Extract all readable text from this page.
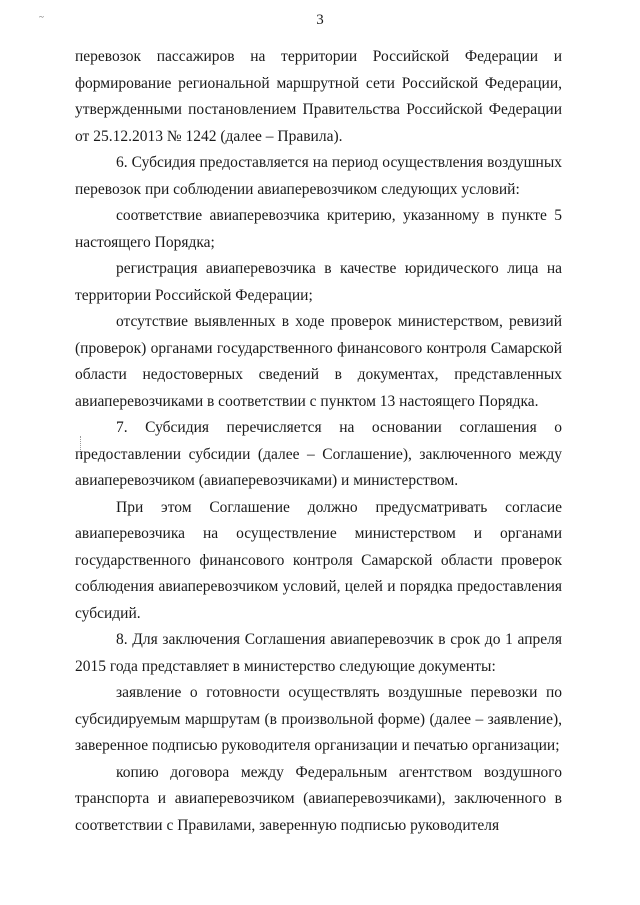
~	3

перевозок пассажиров на территории Российской Федерации и формирование региональной маршрутной сети Российской Федерации, утвержденными постановлением Правительства Российской Федерации от 25.12.2013 № 1242 (далее – Правила).

6. Субсидия предоставляется на период осуществления воздушных перевозок при соблюдении авиаперевозчиком следующих условий:

соответствие авиаперевозчика критерию, указанному в пункте 5 настоящего Порядка;

регистрация авиаперевозчика в качестве юридического лица на территории Российской Федерации;

отсутствие выявленных в ходе проверок министерством, ревизий (проверок) органами государственного финансового контроля Самарской области недостоверных сведений в документах, представленных авиаперевозчиками в соответствии с пунктом 13 настоящего Порядка.

7. Субсидия перечисляется на основании соглашения о предоставлении субсидии (далее – Соглашение), заключенного между авиаперевозчиком (авиаперевозчиками) и министерством.

При этом Соглашение должно предусматривать согласие авиаперевозчика на осуществление министерством и органами государственного финансового контроля Самарской области проверок соблюдения авиаперевозчиком условий, целей и порядка предоставления субсидий.

8. Для заключения Соглашения авиаперевозчик в срок до 1 апреля 2015 года представляет в министерство следующие документы:

заявление о готовности осуществлять воздушные перевозки по субсидируемым маршрутам (в произвольной форме) (далее – заявление), заверенное подписью руководителя организации и печатью организации;

копию договора между Федеральным агентством воздушного транспорта и авиаперевозчиком (авиаперевозчиками), заключенного в соответствии с Правилами, заверенную подписью руководителя
